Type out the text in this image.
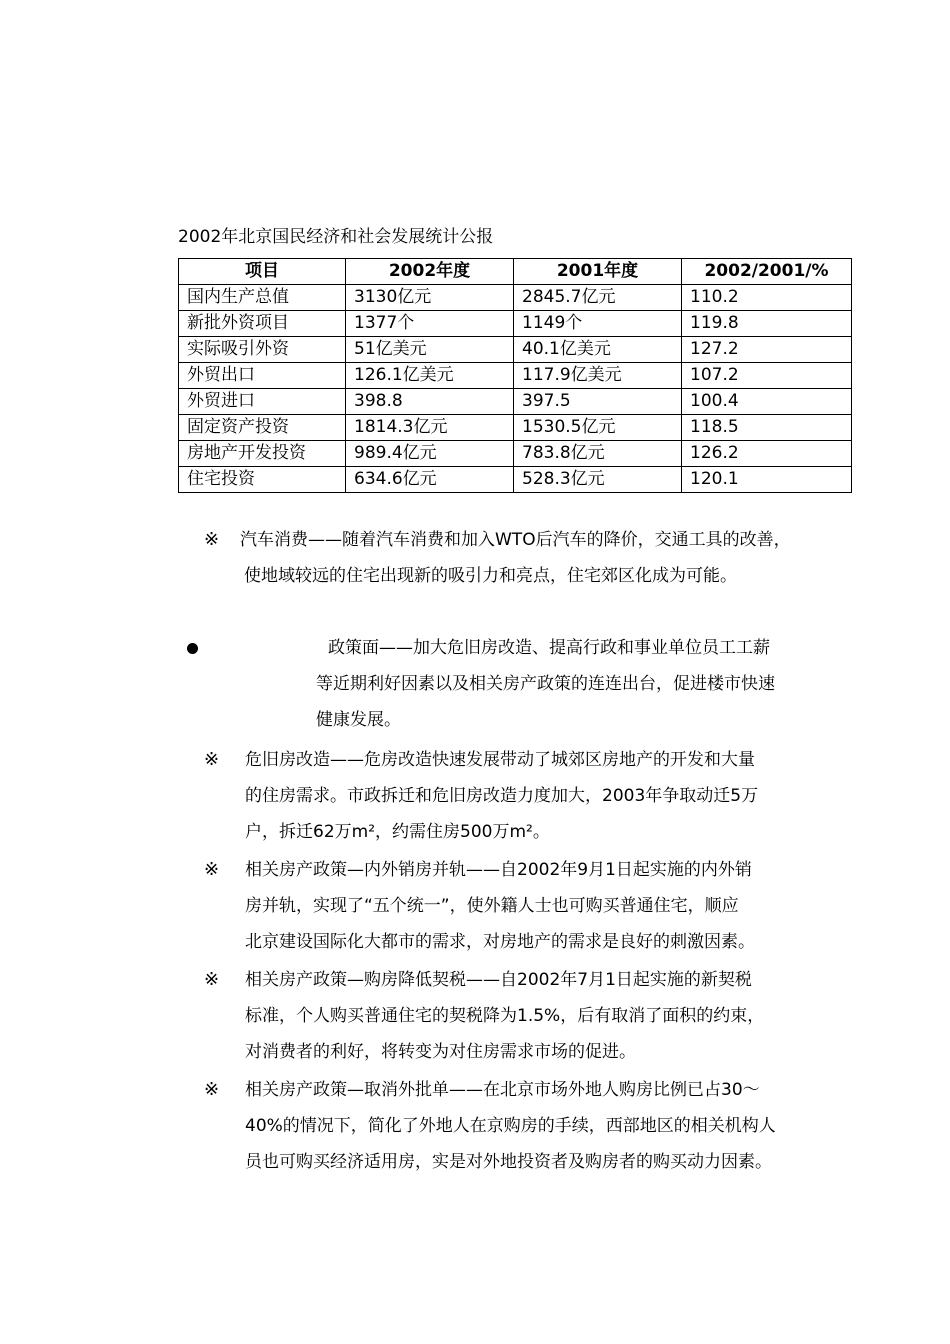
2002年北京国民经济和社会发展统计公报
项目	2002年度	2001年度	2002/2001/%
国内生产总值	3130亿元	2845.7亿元	110.2
新批外资项目	1377个	1149个	119.8
实际吸引外资	51亿美元	40.1亿美元	127.2
外贸出口	126.1亿美元	117.9亿美元	107.2
外贸进口	398.8	397.5	100.4
固定资产投资	1814.3亿元	1530.5亿元	118.5
房地产开发投资	989.4亿元	783.8亿元	126.2
住宅投资	634.6亿元	528.3亿元	120.1
※ 汽车消费——随着汽车消费和加入WTO后汽车的降价，交通工具的改善，
使地域较远的住宅出现新的吸引力和亮点，住宅郊区化成为可能。
政策面——加大危旧房改造、提高行政和事业单位员工工薪
等近期利好因素以及相关房产政策的连连出台，促进楼市快速
健康发展。
※ 危旧房改造——危房改造快速发展带动了城郊区房地产的开发和大量
的住房需求。市政拆迁和危旧房改造力度加大，2003年争取动迁5万
户，拆迁62万m²，约需住房500万m²。
※ 相关房产政策—内外销房并轨——自2002年9月1日起实施的内外销
房并轨，实现了“五个统一”，使外籍人士也可购买普通住宅，顺应
北京建设国际化大都市的需求，对房地产的需求是良好的刺激因素。
※ 相关房产政策—购房降低契税——自2002年7月1日起实施的新契税
标准，个人购买普通住宅的契税降为1.5%，后有取消了面积的约束，
对消费者的利好，将转变为对住房需求市场的促进。
※ 相关房产政策—取消外批单——在北京市场外地人购房比例已占30～
40%的情况下，简化了外地人在京购房的手续，西部地区的相关机构人
员也可购买经济适用房，实是对外地投资者及购房者的购买动力因素。
